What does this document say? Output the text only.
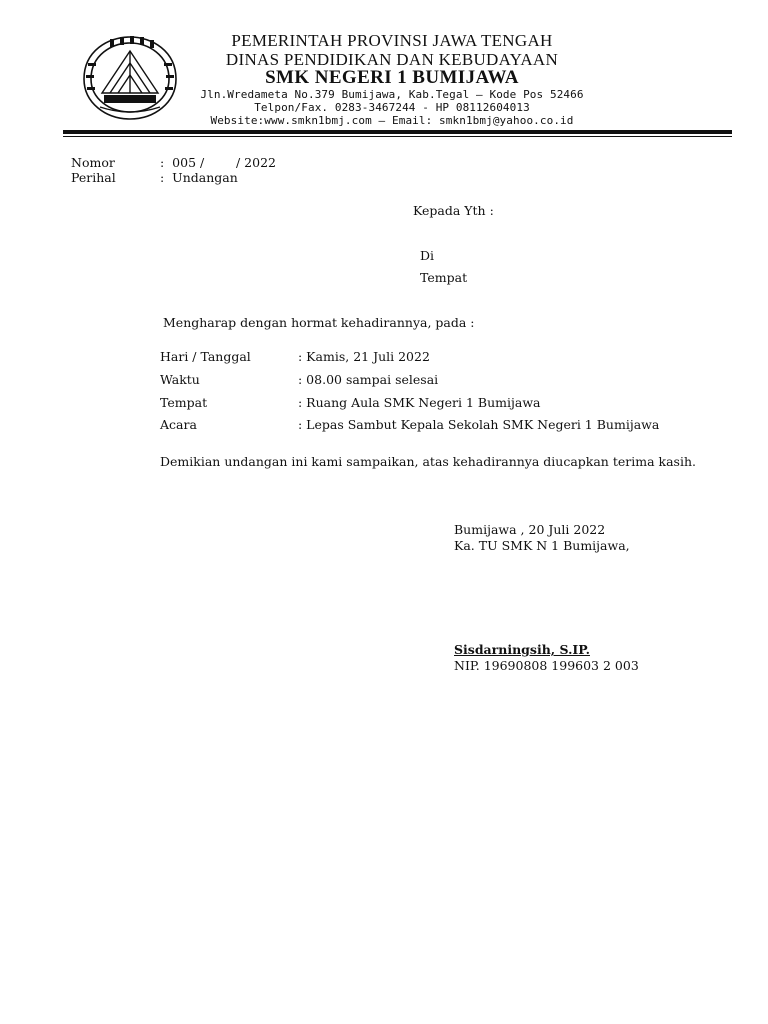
PEMERINTAH PROVINSI JAWA TENGAH
DINAS PENDIDIKAN DAN KEBUDAYAAN
SMK NEGERI 1 BUMIJAWA
Jln.Wredameta No.379 Bumijawa, Kab.Tegal – Kode Pos 52466
Telpon/Fax. 0283-3467244 - HP 08112604013
Website:www.smkn1bmj.com – Email: smkn1bmj@yahoo.co.id
Nomor	:  005 /        / 2022
Perihal	:  Undangan
Kepada Yth :
Di
Tempat
Mengharap dengan hormat kehadirannya, pada :
Hari / Tanggal	: Kamis, 21 Juli 2022
Waktu	: 08.00 sampai selesai
Tempat	: Ruang Aula SMK Negeri 1 Bumijawa
Acara	: Lepas Sambut Kepala Sekolah SMK Negeri 1 Bumijawa
Demikian undangan ini kami sampaikan, atas kehadirannya diucapkan terima kasih.
Bumijawa , 20 Juli 2022
Ka. TU SMK N 1 Bumijawa,
Sisdarningsih, S.IP.
NIP. 19690808 199603 2 003
